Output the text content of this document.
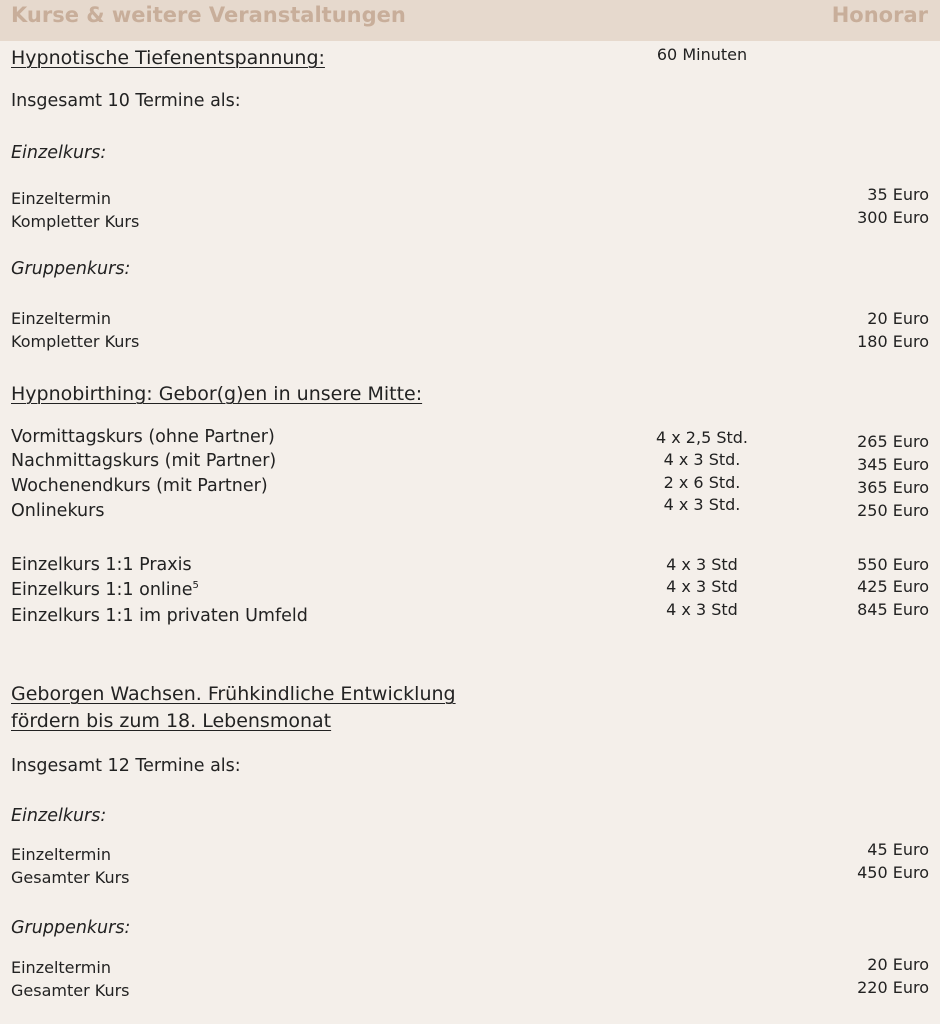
Kurse & weitere Veranstaltungen	Honorar
Hypnotische Tiefenentspannung:	60 Minuten
Insgesamt 10 Termine als:
Einzelkurs:
Einzeltermin	35 Euro
Kompletter Kurs	300 Euro
Gruppenkurs:
Einzeltermin	20 Euro
Kompletter Kurs	180 Euro
Hypnobirthing: Gebor(g)en in unsere Mitte:
Vormittagskurs (ohne Partner)	4 x 2,5 Std.	265 Euro
Nachmittagskurs (mit Partner)	4 x 3 Std.	345 Euro
Wochenendkurs (mit Partner)	2 x 6 Std.	365 Euro
Onlinekurs	4 x 3 Std.	250 Euro
Einzelkurs 1:1 Praxis	4 x 3 Std	550 Euro
Einzelkurs 1:1 online$^5$	4 x 3 Std	425 Euro
Einzelkurs 1:1 im privaten Umfeld	4 x 3 Std	845 Euro
Geborgen Wachsen. Frühkindliche Entwicklung
fördern bis zum 18. Lebensmonat
Insgesamt 12 Termine als:
Einzelkurs:
Einzeltermin	45 Euro
Gesamter Kurs	450 Euro
Gruppenkurs:
Einzeltermin	20 Euro
Gesamter Kurs	220 Euro
